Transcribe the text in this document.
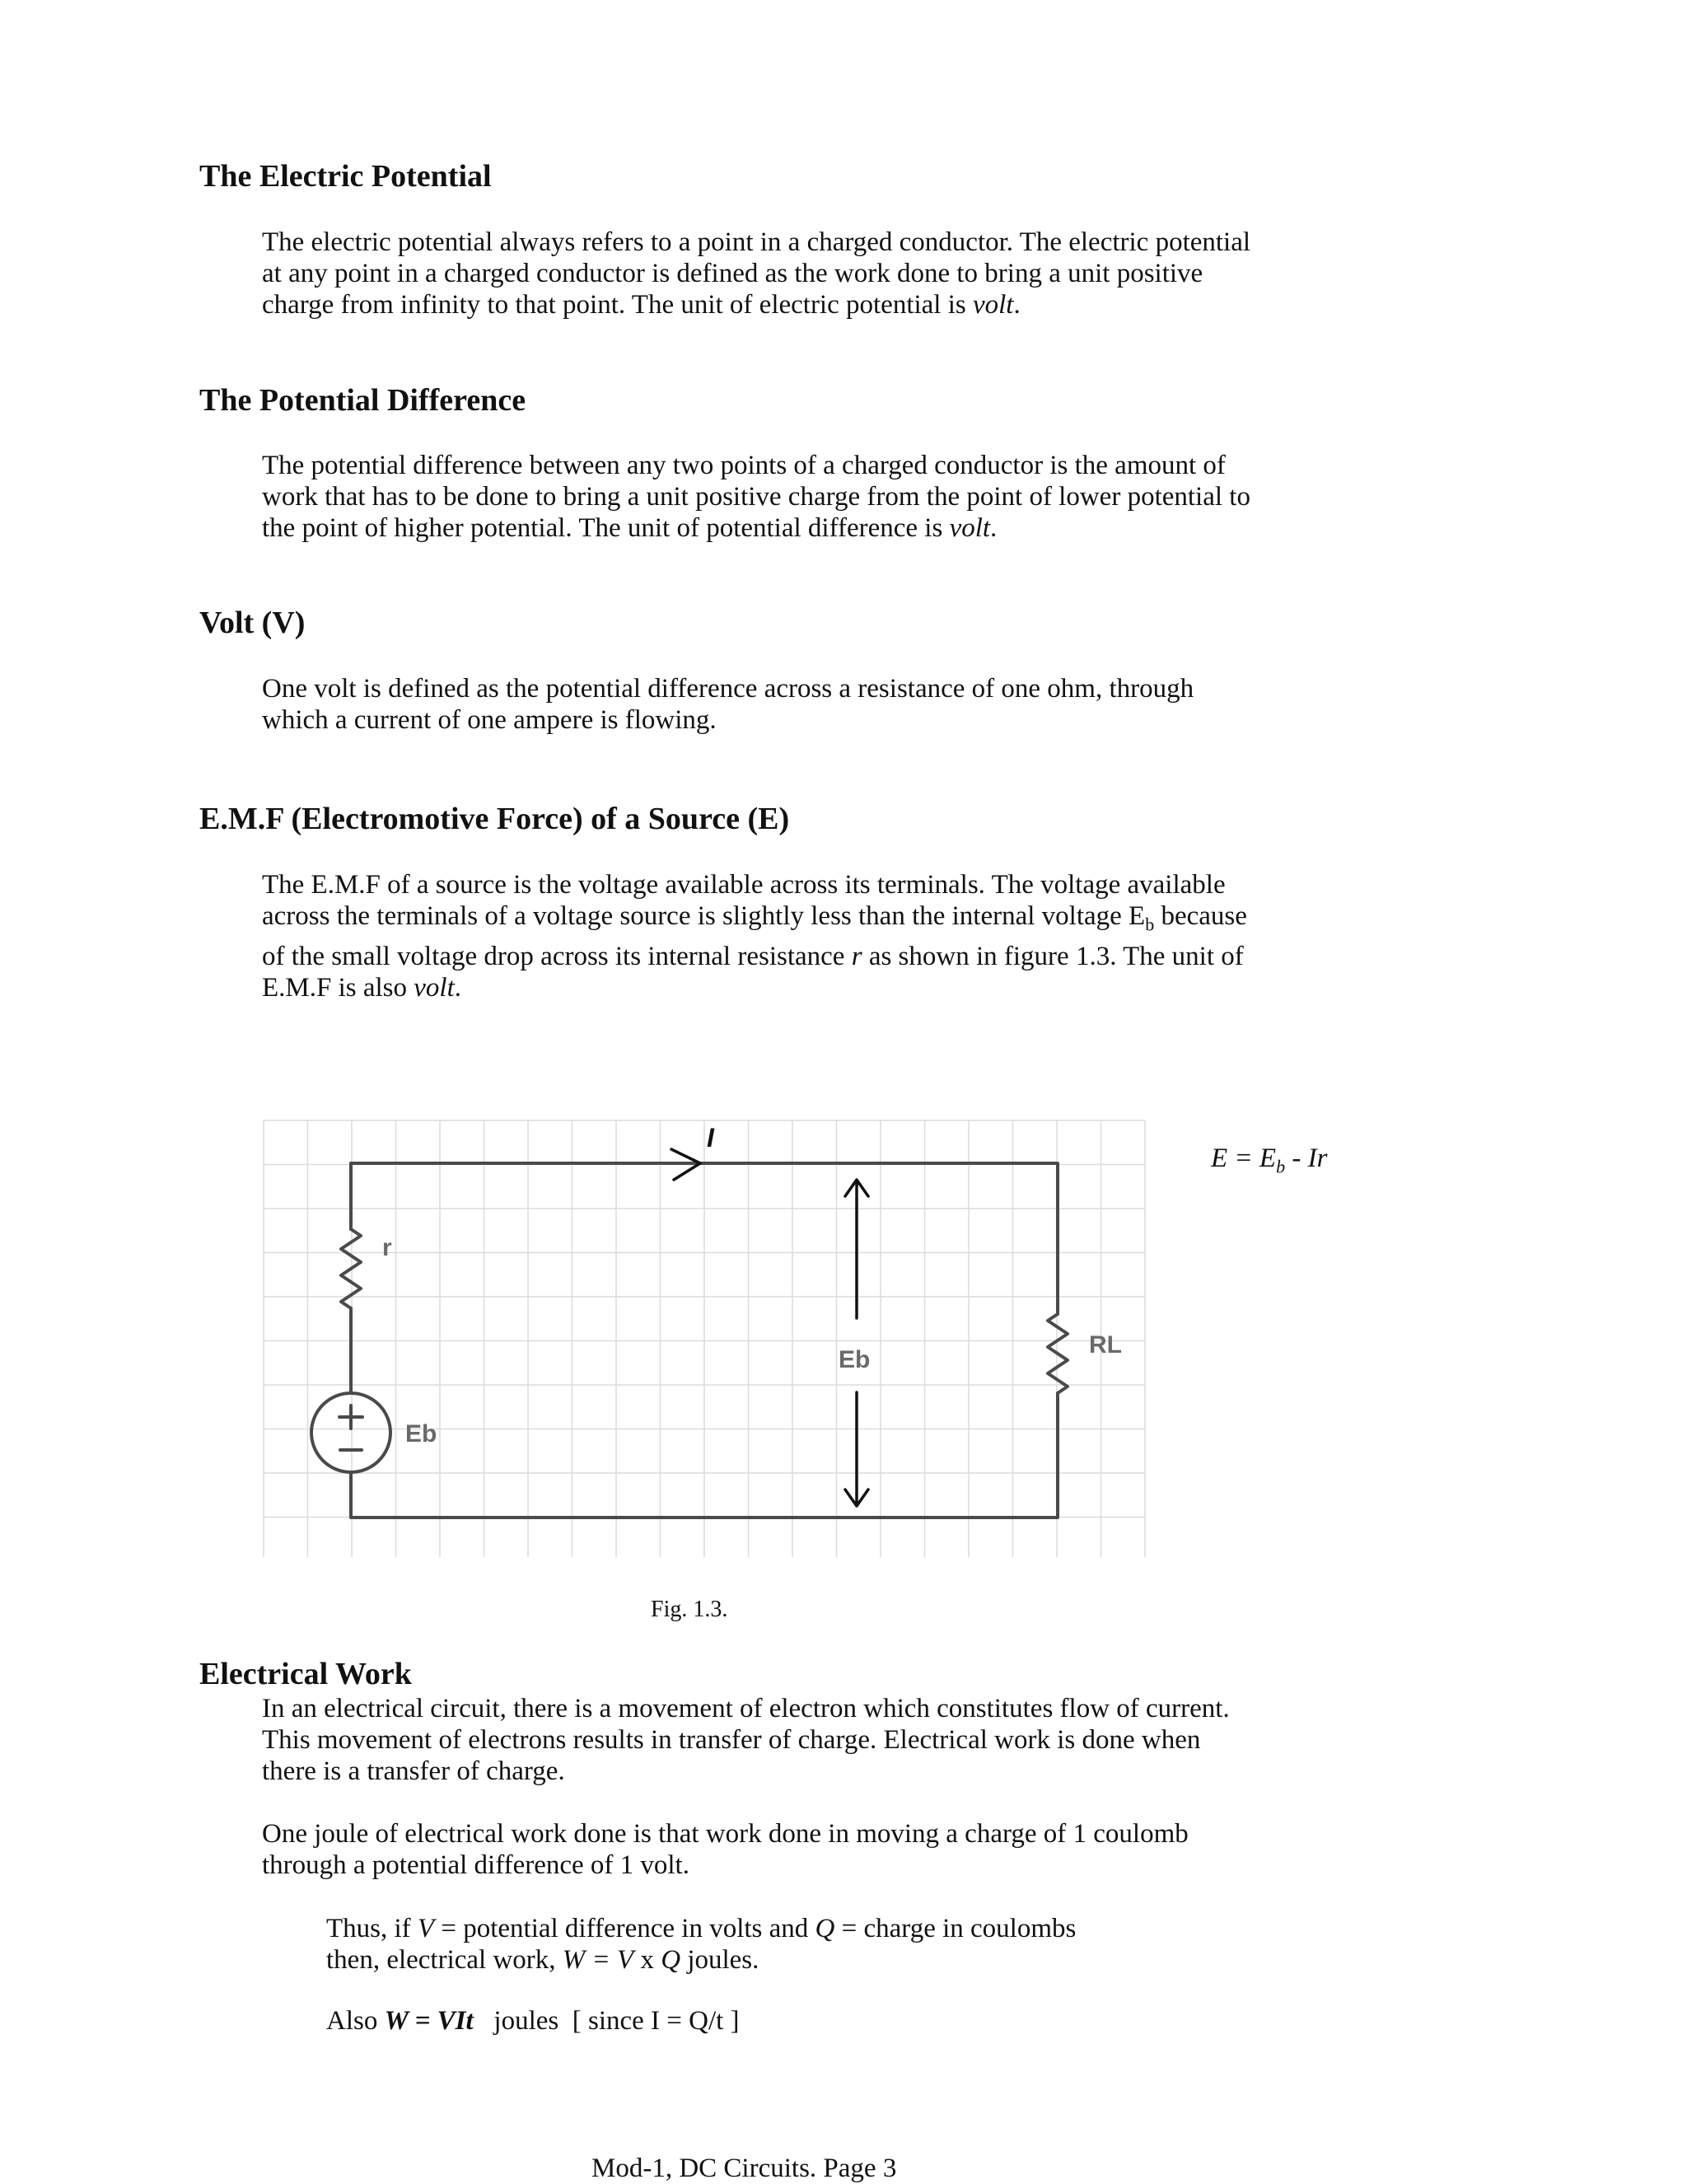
The Electric Potential

The electric potential always refers to a point in a charged conductor. The electric potential
at any point in a charged conductor is defined as the work done to bring a unit positive
charge from infinity to that point. The unit of electric potential is volt.

The Potential Difference

The potential difference between any two points of a charged conductor is the amount of
work that has to be done to bring a unit positive charge from the point of lower potential to
the point of higher potential. The unit of potential difference is volt.

Volt (V)

One volt is defined as the potential difference across a resistance of one ohm, through
which a current of one ampere is flowing.

E.M.F (Electromotive Force) of a Source (E)

The E.M.F of a source is the voltage available across its terminals. The voltage available
across the terminals of a voltage source is slightly less than the internal voltage $E_b$ because
of the small voltage drop across its internal resistance r as shown in figure 1.3. The unit of
E.M.F is also volt.

I
r
Eb
Eb
RL
$E = E_b - Ir$
Fig. 1.3.
Electrical Work

In an electrical circuit, there is a movement of electron which constitutes flow of current.
This movement of electrons results in transfer of charge. Electrical work is done when
there is a transfer of charge.

One joule of electrical work done is that work done in moving a charge of 1 coulomb
through a potential difference of 1 volt.

Thus, if V = potential difference in volts and Q = charge in coulombs
then, electrical work, W = V x Q joules.

Also W = VIt   joules  [ since I = Q/t ]

Mod-1, DC Circuits. Page 3
